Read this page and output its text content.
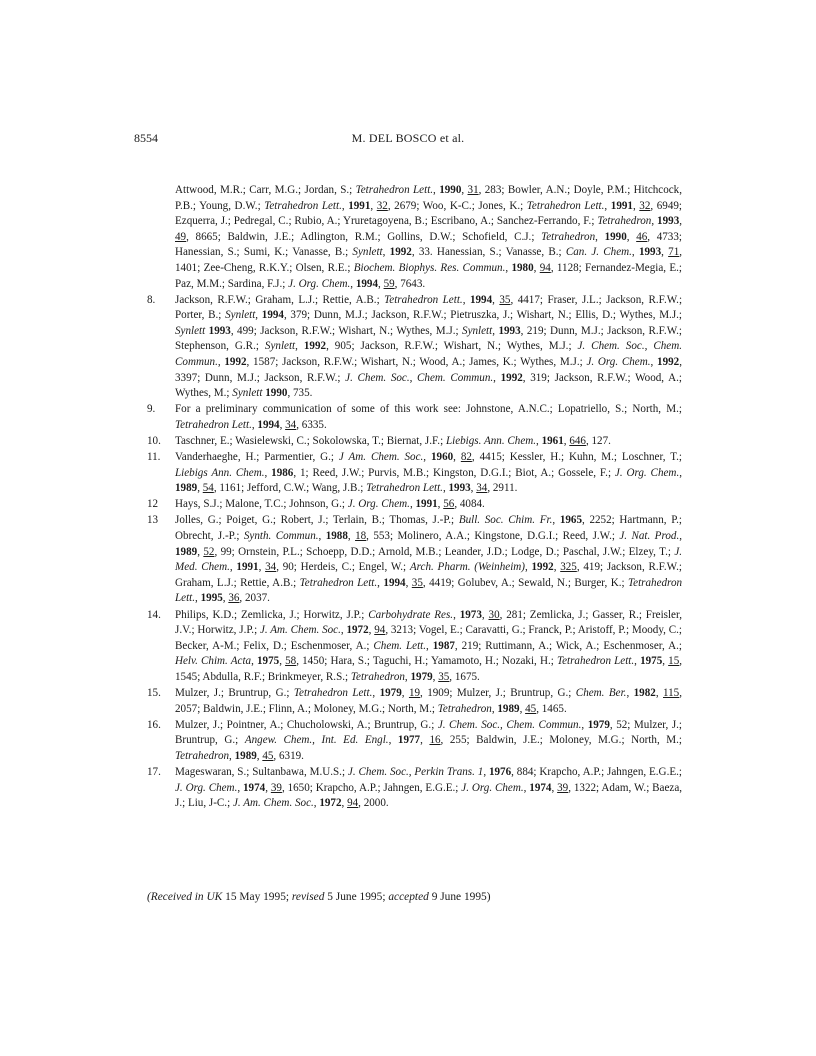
8554	M. DEL BOSCO et al.
Attwood, M.R.; Carr, M.G.; Jordan, S.; Tetrahedron Lett., 1990, 31, 283; Bowler, A.N.; Doyle, P.M.; Hitchcock, P.B.; Young, D.W.; Tetrahedron Lett., 1991, 32, 2679; Woo, K-C.; Jones, K.; Tetrahedron Lett., 1991, 32, 6949; Ezquerra, J.; Pedregal, C.; Rubio, A.; Yruretagoyena, B.; Escribano, A.; Sanchez-Ferrando, F.; Tetrahedron, 1993, 49, 8665; Baldwin, J.E.; Adlington, R.M.; Gollins, D.W.; Schofield, C.J.; Tetrahedron, 1990, 46, 4733; Hanessian, S.; Sumi, K.; Vanasse, B.; Synlett, 1992, 33. Hanessian, S.; Vanasse, B.; Can. J. Chem., 1993, 71, 1401; Zee-Cheng, R.K.Y.; Olsen, R.E.; Biochem. Biophys. Res. Commun., 1980, 94, 1128; Fernandez-Megia, E.; Paz, M.M.; Sardina, F.J.; J. Org. Chem., 1994, 59, 7643.
8.	Jackson, R.F.W.; Graham, L.J.; Rettie, A.B.; Tetrahedron Lett., 1994, 35, 4417; Fraser, J.L.; Jackson, R.F.W.; Porter, B.; Synlett, 1994, 379; Dunn, M.J.; Jackson, R.F.W.; Pietruszka, J.; Wishart, N.; Ellis, D.; Wythes, M.J.; Synlett 1993, 499; Jackson, R.F.W.; Wishart, N.; Wythes, M.J.; Synlett, 1993, 219; Dunn, M.J.; Jackson, R.F.W.; Stephenson, G.R.; Synlett, 1992, 905; Jackson, R.F.W.; Wishart, N.; Wythes, M.J.; J. Chem. Soc., Chem. Commun., 1992, 1587; Jackson, R.F.W.; Wishart, N.; Wood, A.; James, K.; Wythes, M.J.; J. Org. Chem., 1992, 3397; Dunn, M.J.; Jackson, R.F.W.; J. Chem. Soc., Chem. Commun., 1992, 319; Jackson, R.F.W.; Wood, A.; Wythes, M.; Synlett 1990, 735.
9.	For a preliminary communication of some of this work see: Johnstone, A.N.C.; Lopatriello, S.; North, M.; Tetrahedron Lett., 1994, 34, 6335.
10.	Taschner, E.; Wasielewski, C.; Sokolowska, T.; Biernat, J.F.; Liebigs. Ann. Chem., 1961, 646, 127.
11.	Vanderhaeghe, H.; Parmentier, G.; J Am. Chem. Soc., 1960, 82, 4415; Kessler, H.; Kuhn, M.; Loschner, T.; Liebigs Ann. Chem., 1986, 1; Reed, J.W.; Purvis, M.B.; Kingston, D.G.I.; Biot, A.; Gossele, F.; J. Org. Chem., 1989, 54, 1161; Jefford, C.W.; Wang, J.B.; Tetrahedron Lett., 1993, 34, 2911.
12	Hays, S.J.; Malone, T.C.; Johnson, G.; J. Org. Chem., 1991, 56, 4084.
13	Jolles, G.; Poiget, G.; Robert, J.; Terlain, B.; Thomas, J.-P.; Bull. Soc. Chim. Fr., 1965, 2252; Hartmann, P.; Obrecht, J.-P.; Synth. Commun., 1988, 18, 553; Molinero, A.A.; Kingstone, D.G.I.; Reed, J.W.; J. Nat. Prod., 1989, 52, 99; Ornstein, P.L.; Schoepp, D.D.; Arnold, M.B.; Leander, J.D.; Lodge, D.; Paschal, J.W.; Elzey, T.; J. Med. Chem., 1991, 34, 90; Herdeis, C.; Engel, W.; Arch. Pharm. (Weinheim), 1992, 325, 419; Jackson, R.F.W.; Graham, L.J.; Rettie, A.B.; Tetrahedron Lett., 1994, 35, 4419; Golubev, A.; Sewald, N.; Burger, K.; Tetrahedron Lett., 1995, 36, 2037.
14.	Philips, K.D.; Zemlicka, J.; Horwitz, J.P.; Carbohydrate Res., 1973, 30, 281; Zemlicka, J.; Gasser, R.; Freisler, J.V.; Horwitz, J.P.; J. Am. Chem. Soc., 1972, 94, 3213; Vogel, E.; Caravatti, G.; Franck, P.; Aristoff, P.; Moody, C.; Becker, A-M.; Felix, D.; Eschenmoser, A.; Chem. Lett., 1987, 219; Ruttimann, A.; Wick, A.; Eschenmoser, A.; Helv. Chim. Acta, 1975, 58, 1450; Hara, S.; Taguchi, H.; Yamamoto, H.; Nozaki, H.; Tetrahedron Lett., 1975, 15, 1545; Abdulla, R.F.; Brinkmeyer, R.S.; Tetrahedron, 1979, 35, 1675.
15.	Mulzer, J.; Bruntrup, G.; Tetrahedron Lett., 1979, 19, 1909; Mulzer, J.; Bruntrup, G.; Chem. Ber., 1982, 115, 2057; Baldwin, J.E.; Flinn, A.; Moloney, M.G.; North, M.; Tetrahedron, 1989, 45, 1465.
16.	Mulzer, J.; Pointner, A.; Chucholowski, A.; Bruntrup, G.; J. Chem. Soc., Chem. Commun., 1979, 52; Mulzer, J.; Bruntrup, G.; Angew. Chem., Int. Ed. Engl., 1977, 16, 255; Baldwin, J.E.; Moloney, M.G.; North, M.; Tetrahedron, 1989, 45, 6319.
17.	Mageswaran, S.; Sultanbawa, M.U.S.; J. Chem. Soc., Perkin Trans. 1, 1976, 884; Krapcho, A.P.; Jahngen, E.G.E.; J. Org. Chem., 1974, 39, 1650; Krapcho, A.P.; Jahngen, E.G.E.; J. Org. Chem., 1974, 39, 1322; Adam, W.; Baeza, J.; Liu, J-C.; J. Am. Chem. Soc., 1972, 94, 2000.
(Received in UK 15 May 1995; revised 5 June 1995; accepted 9 June 1995)
